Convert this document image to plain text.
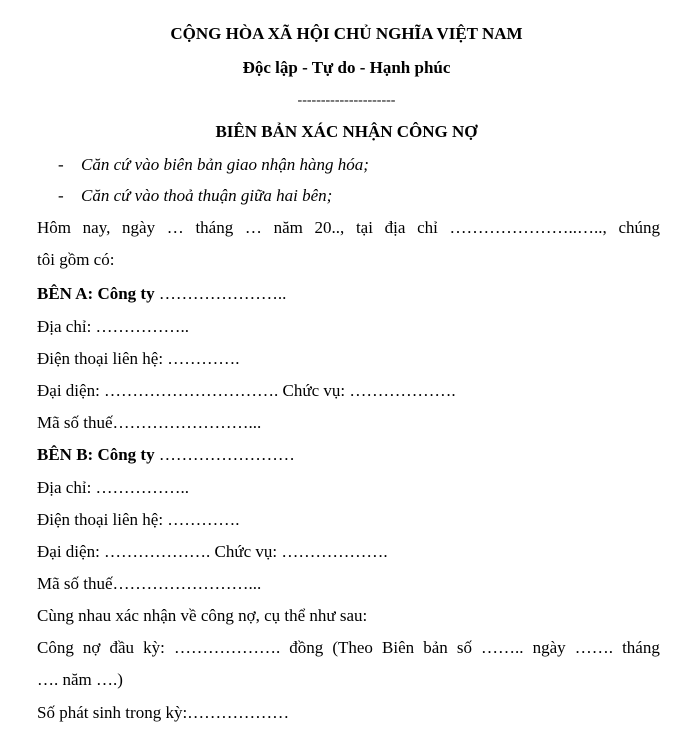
CỘNG HÒA XÃ HỘI CHỦ NGHĨA VIỆT NAM
Độc lập - Tự do - Hạnh phúc
---------------------
BIÊN BẢN XÁC NHẬN CÔNG NỢ
- Căn cứ vào biên bản giao nhận hàng hóa;
- Căn cứ vào thoả thuận giữa hai bên;
Hôm nay, ngày … tháng … năm 20.., tại địa chỉ …………………..….., chúng
tôi gồm có:
BÊN A: Công ty …………………..
Địa chỉ: ……………..
Điện thoại liên hệ: ………….
Đại diện: …………………………. Chức vụ: ……………….
Mã số thuế……………………...
BÊN B: Công ty ……………………
Địa chỉ: ……………..
Điện thoại liên hệ: ………….
Đại diện: ………………. Chức vụ: ……………….
Mã số thuế……………………...
Cùng nhau xác nhận về công nợ, cụ thể như sau:
Công nợ đầu kỳ: ………………. đồng (Theo Biên bản số …….. ngày ……. tháng
…. năm ….)
Số phát sinh trong kỳ:………………
